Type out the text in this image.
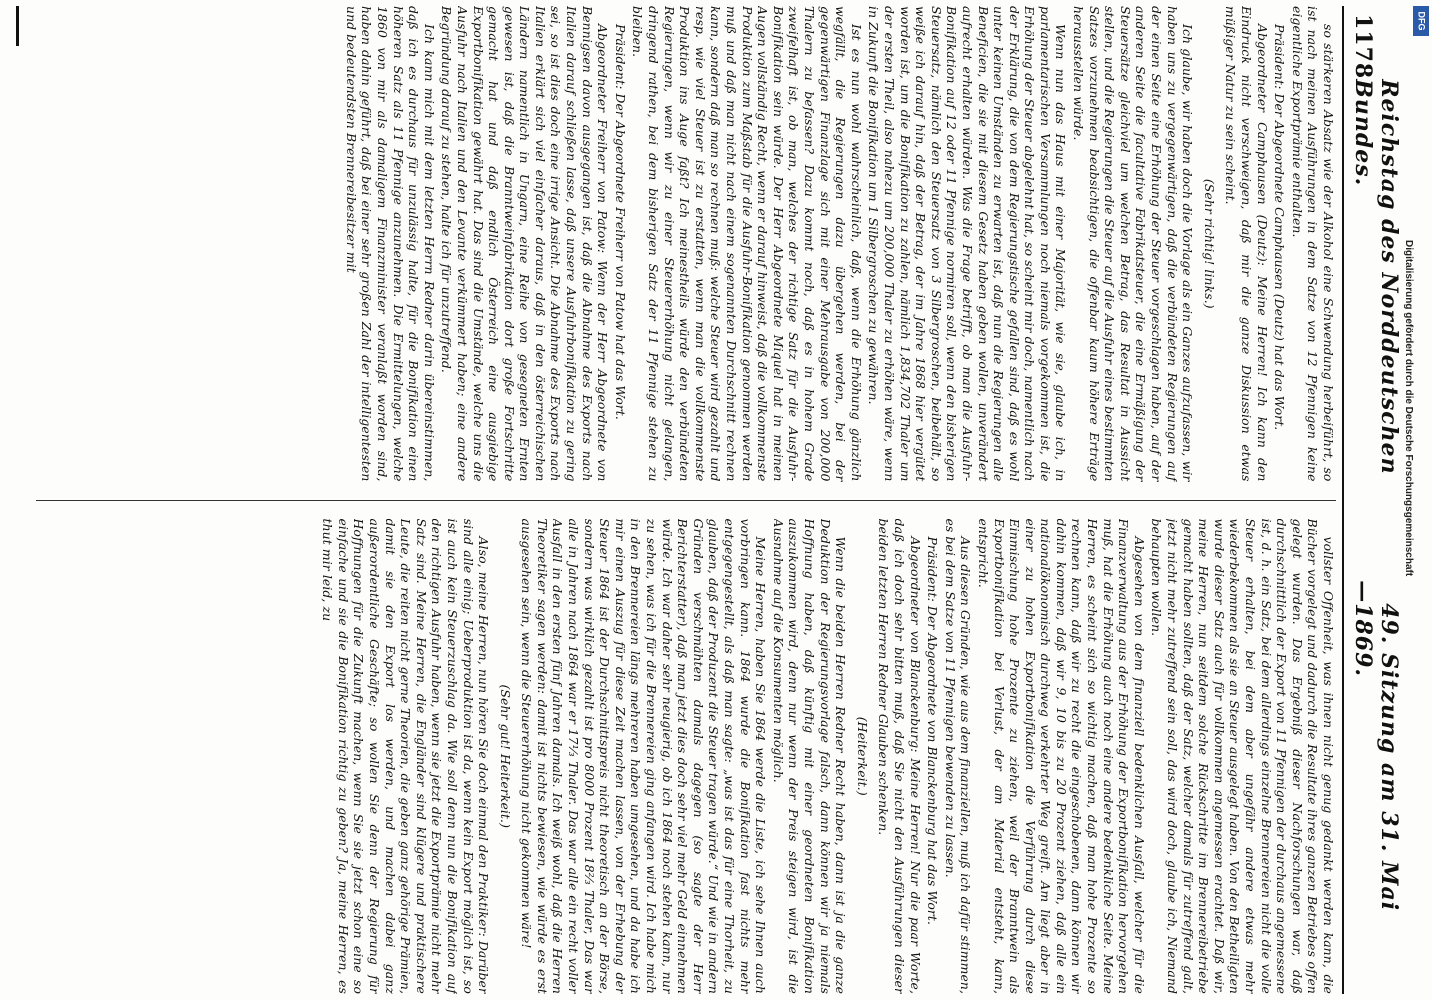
1178
Reichstag des Norddeutschen Bundes.
—
49. Sitzung am 31. Mai 1869.

so stärkeren Absatz wie der Alkohol eine Schwendung herbeiführt, so ist nach meinen Ausführungen in dem Satze von 12 Pfennigen keine eigentliche Exportprämie enthalten.

Präsident: Der Abgeordnete Camphausen (Deutz) hat das Wort.

Abgeordneter Camphausen (Deutz): Meine Herren! Ich kann den Eindruck nicht verschweigen, daß mir die ganze Diskussion etwas müßiger Natur zu sein scheint.

(Sehr richtig! links.)

Ich glaube, wir haben doch die Vorlage als ein Ganzes aufzufassen, wir haben uns zu vergegenwärtigen, daß die verbündeten Regierungen auf der einen Seite eine Erhöhung der Steuer vorgeschlagen haben, auf der anderen Seite die facultative Fabrikatsteuer, die eine Ermäßigung der Steuersätze gleichviel um welchen Betrag, das Resultat in Aussicht stellen, und die Regierungen die Steuer auf die Ausfuhr eines bestimmten Satzes vorzunehmen beabsichtigen, die offenbar kaum höhere Erträge herausstellen würde.

Wenn nun das Haus mit einer Majorität, wie sie, glaube ich, in parlamentarischen Versammlungen noch niemals vorgekommen ist, die Erhöhung der Steuer abgelehnt hat, so scheint mir doch, namentlich nach der Erklärung, die von dem Regierungstische gefallen sind, daß es wohl unter keinen Umständen zu erwarten ist, daß nun die Regierungen alle Beneficien, die sie mit diesem Gesetz haben geben wollen, unverändert aufrecht erhalten würden. Was die Frage betrifft, ob man die Ausfuhr-Bonifikation auf 12 oder 11 Pfennige normiren soll, wenn den bisherigen Steuersatz, nämlich den Steuersatz von 3 Silbergroschen, beibehält, so weiße ich darauf hin, daß der Betrag, der im Jahre 1868 hier vergütet worden ist, um die Bonifikation zu zahlen, nämlich 1,834,702 Thaler um der ersten Theil, also nahezu um 200,000 Thaler zu erhöhen wäre, wenn in Zukunft die Bonifikation um 1 Silbergroschen zu gewähren.

Ist es nun wohl wahrscheinlich, daß, wenn die Erhöhung gänzlich wegfällt, die Regierungen dazu übergehen werden, bei der gegenwärtigen Finanzlage sich mit einer Mehrausgabe von 200,000 Thalern zu befassen? Dazu kommt noch, daß es in hohem Grade zweifelhaft ist, ob man, welches der richtige Satz für die Ausfuhr-Bonifikation sein würde. Der Herr Abgeordnete Miquel hat in meinen Augen vollständig Recht, wenn er darauf hinweist, daß die vollkommenste Produktion zum Maßstab für die Ausfuhr-Bonifikation genommen werden muß und daß man nicht nach einem sogenannten Durchschnitt rechnen kann, sondern daß man so rechnen muß: welche Steuer wird gezahlt und resp. wie viel Steuer ist zu erstatten, wenn man die vollkommenste Produktion ins Auge faßt? Ich meinestheils würde den verbündeten Regierungen, wenn wir zu einer Steuererhöhung nicht gelangen, dringend rathen, bei dem bisherigen Satz der 11 Pfennige stehen zu bleiben.

Präsident: Der Abgeordnete Freiherr von Patow hat das Wort.

Abgeordneter Freiherr von Patow: Wenn der Herr Abgeordnete von Bennigsen davon ausgegangen ist, daß die Abnahme des Exports nach Italien darauf schließen lasse, daß unsere Ausfuhrbonifikation zu gering sei, so ist dies doch eine irrige Ansicht. Die Abnahme des Exports nach Italien erklärt sich viel einfacher daraus, daß in den österreichischen Ländern namentlich in Ungarn, eine Reihe von gesegneten Ernten gewesen ist, daß die Branntweinfabrikation dort große Fortschritte gemacht hat und daß endlich Österreich eine ausgiebige Exportbonifikation gewährt hat. Das sind die Umstände, welche uns die Ausfuhr nach Italien und den Levante verkümmert haben; eine andere Begründung darauf zu stehen, halte ich für unzutreffend.

Ich kann mich mit dem letzten Herrn Redner darin übereinstimmen, daß ich es durchaus für unzulässig halte, für die Bonifikation einen höheren Satz als 11 Pfennige anzunehmen. Die Ermittelungen, welche 1860 von mir als damaligem Finanzminister veranlaßt worden sind, haben dahin geführt, daß bei einer sehr großen Zahl der intelligentesten und bedeutendsten Brennereibesitzer mit

vollster Offenheit, was ihnen nicht genug gedankt werden kann, die Bücher vorgelegt und dadurch die Resultate ihres ganzen Betriebes offen gelegt wurden. Das Ergebniß dieser Nachforschungen war, daß durchschnittlich der Export von 11 Pfennigen der durchaus angemessene ist, d. h. ein Satz, bei dem allerdings einzelne Brennereien nicht die volle Steuer erhalten, bei dem aber ungefähr andere etwas mehr wiederbekommen als sie an Steuer ausgelegt haben. Von den Betheiligten wurde dieser Satz auch für vollkommen angemessen erachtet. Daß wir, meine Herren, nun seitdem solche Rückschritte im Brennereibetriebe gemacht haben sollten, daß der Satz, welcher damals für zutreffend galt, jetzt nicht mehr zutreffend sein soll, das wird doch, glaube ich, Niemand behaupten wollen.

Abgesehen von dem finanziell bedenklichen Ausfall, welcher für die Finanzverwaltung aus der Erhöhung der Exportbonifikation hervorgehen muß, hat die Erhöhung auch noch eine andere bedenkliche Seite. Meine Herren, es scheint sich so wichtig machen, daß man hohe Prozente so rechnen kann, daß wir zu recht die eingeschobenen, dann können wir dahin kommen, daß wir 9, 10 bis zu 20 Prozent ziehen, daß alle ein nationalökonomisch durchweg verkehrter Weg greift. Am liegt aber in einer zu hohen Exportbonifikation die Verführung durch diese Einmischung hohe Prozente zu ziehen, weil der Branntwein als Exportbonifikation bei Verlust, der am Material entsteht, kann, entspricht.

Aus diesen Gründen, wie aus dem finanziellen, muß ich dafür stimmen, es bei dem Satze von 11 Pfennigen bewenden zu lassen.

Präsident: Der Abgeordnete von Blanckenburg hat das Wort.

Abgeordneter von Blanckenburg: Meine Herren! Nur die paar Worte, daß ich doch sehr bitten muß, daß Sie nicht den Ausführungen dieser beiden letzten Herren Redner Glauben schenken.

(Heiterkeit.)

Wenn die beiden Herren Redner Recht haben, dann ist ja die ganze Deduktion der Regierungsvorlage falsch, dann können wir ja niemals Hoffnung haben, daß künftig mit einer geordneten Bonifikation auszukommen wird, denn nur wenn der Preis steigen wird, ist die Ausnahme auf die Konsumenten möglich.

Meine Herren, haben Sie 1864 werde die Liste, ich sehe Ihnen auch vorbringen kann. 1864 wurde die Bonifikation fast nichts mehr entgegengestellt, als daß man sagte: „was ist das für eine Thorheit, zu glauben, daß der Produzent die Steuer tragen würde.“ Und wie in andern Gründen verschmähten damals dagegen (so sagte der Herr Berichterstatter), daß man jetzt dies doch sehr viel mehr Geld einnehmen würde. Ich war daher sehr neugierig, ob ich 1864 noch stehen kann, nur zu sehen, was ich für die Brennereien ging anfangen wird. Ich habe mich in den Brennereien längs mehreren haben umgesehen, und da habe ich mir einen Auszug für diese Zeit machen lassen, von der Erhebung der Steuer 1864 ist der Durchschnittspreis nicht theoretisch an der Börse, sondern was wirklich gezahlt ist pro 8000 Prozent 18⅔ Thaler, Das war alle in Jahren nach 1864 war er 17⅓ Thaler. Das war alle ein recht voller Ausfall in den ersten fünf Jahren damals. Ich weiß wohl, daß die Herren Theoretiker sagen werden: damit ist nichts bewiesen, wie würde es erst ausgesehen sein, wenn die Steuererhöhung nicht gekommen wäre!

(Sehr gut! Heiterkeit.)

Also, meine Herren, nun hören Sie doch einmal den Praktiker: Darüber sind alle einig; Ueberproduktion ist da, wenn kein Export möglich ist, so ist auch kein Steuerzuschlag da. Wie soll denn nun die Bonifikation auf den richtigen Ausfuhr haben, wenn sie jetzt die Exportprämie nicht mehr Satz sind. Meine Herren, die Engländer sind klügere und praktischere Leute, die reiten nicht gerne Theorien, die geben ganz gehörige Prämien, damit sie den Export los werden, und machen dabei ganz außerordentliche Geschäfte; so wollen Sie denn der Regierung für Hoffnungen für die Zukunft machen, wenn Sie sie jetzt schon eine so einfache und sie die Bonifikation richtig zu geben? Ja, meine Herren, es thut mir leid, zu

DFG
Digitalisierung gefördert durch die Deutsche Forschungsgemeinschaft
